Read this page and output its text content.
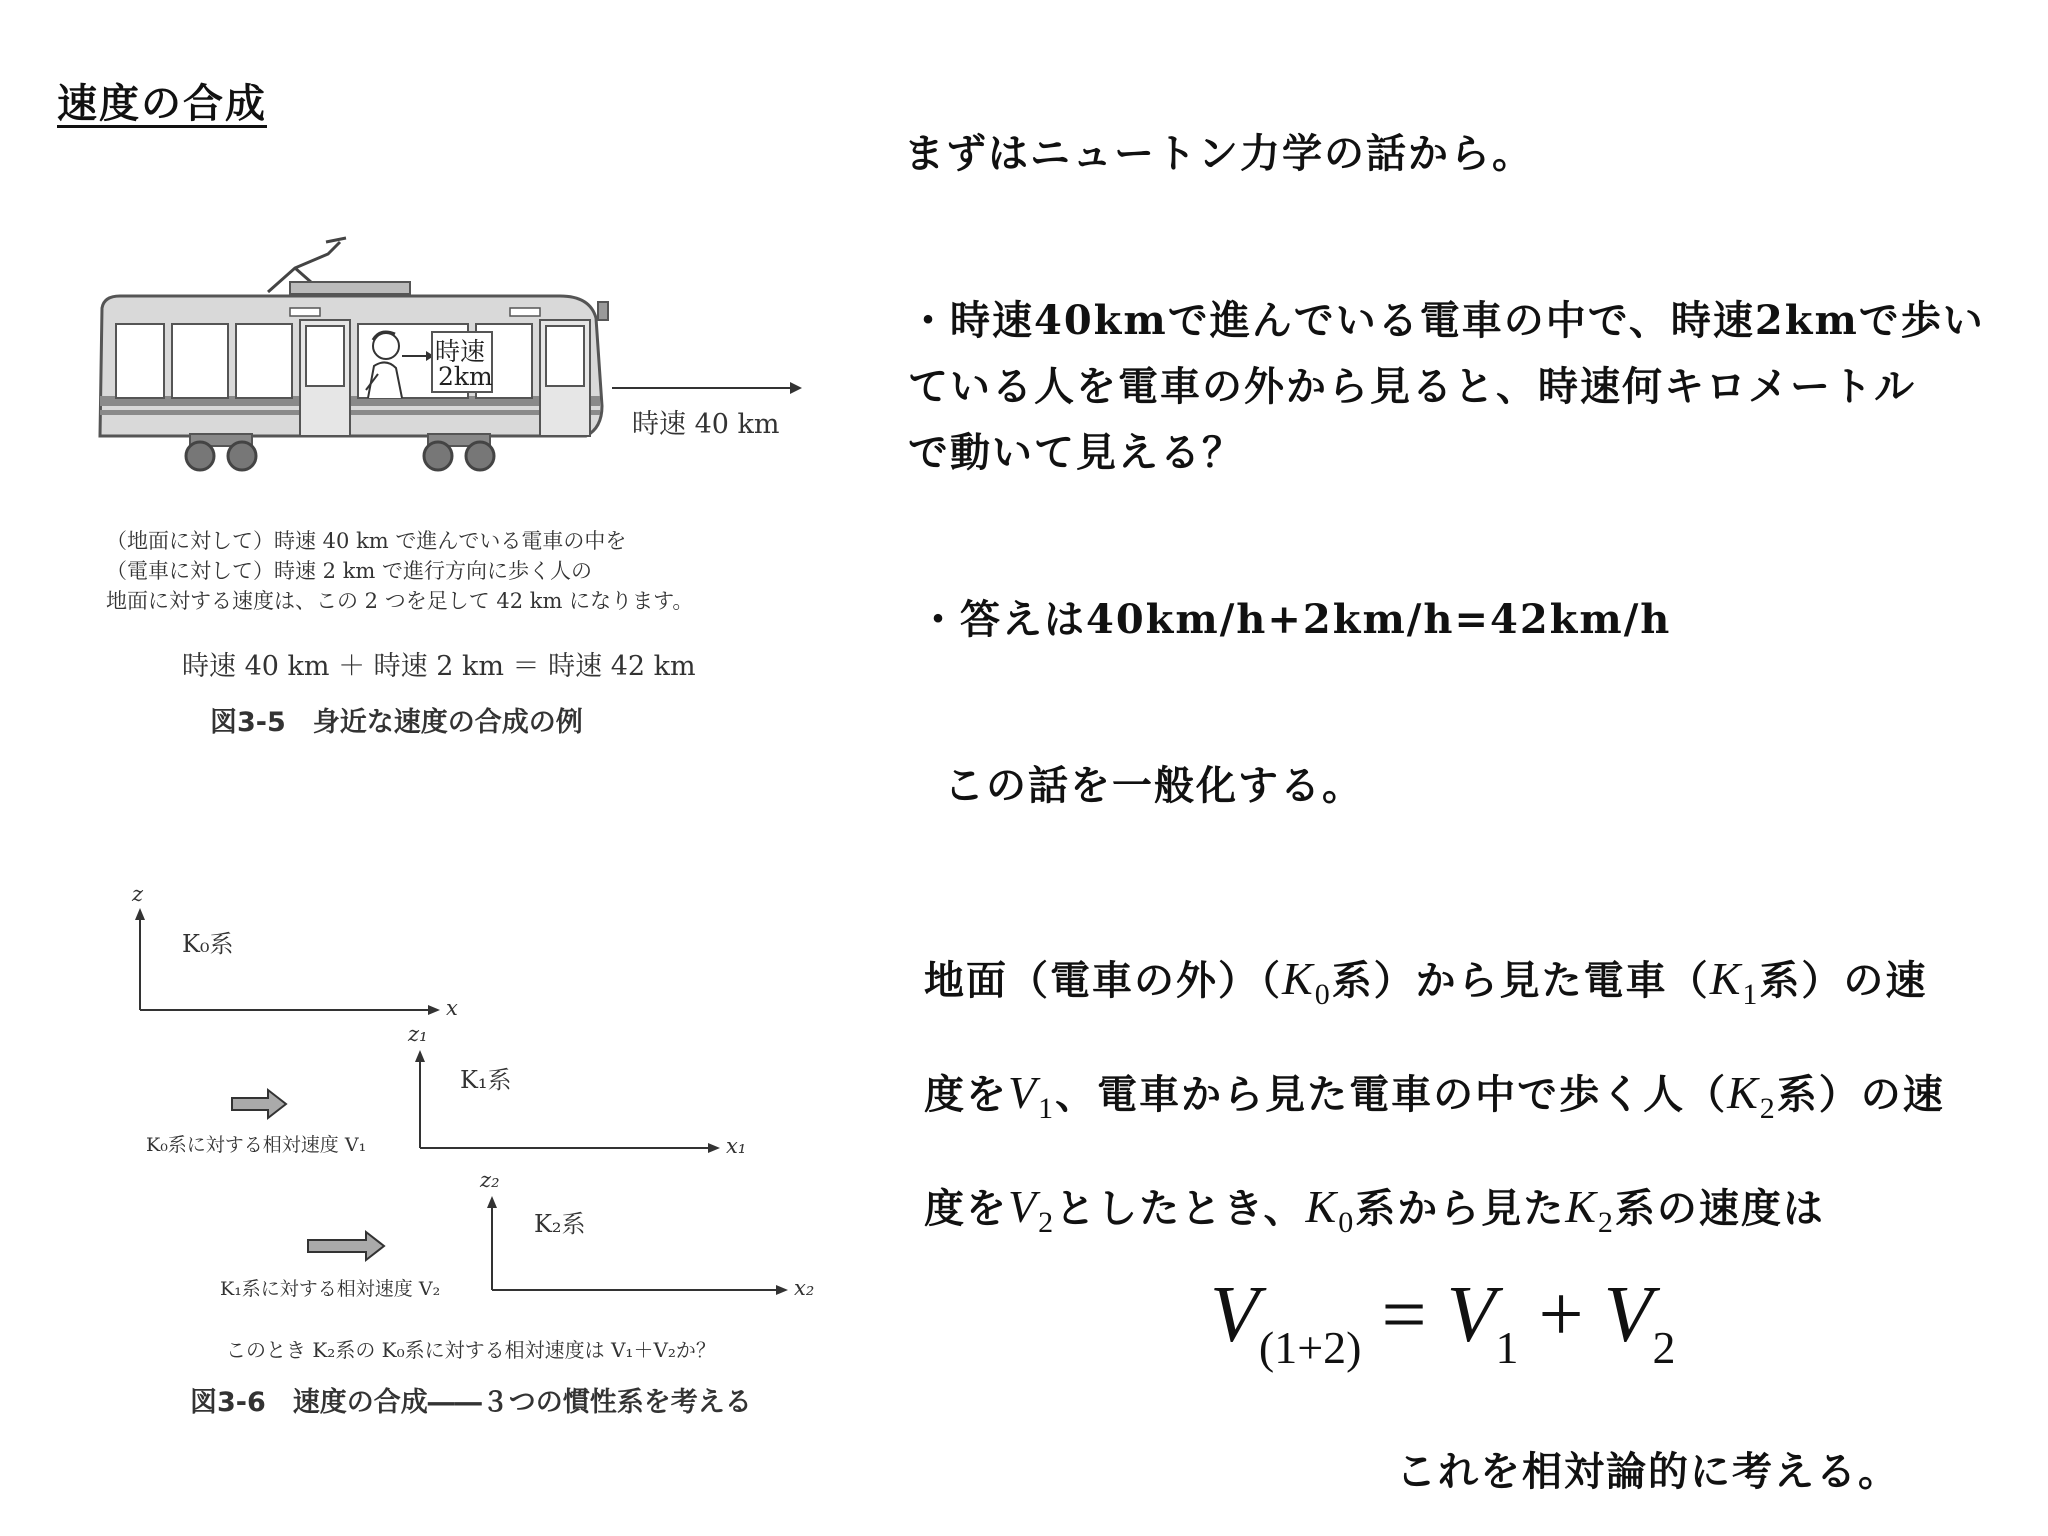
速度の合成
時速
2km
時速 40 km
（地面に対して）時速 40 km で進んでいる電車の中を
（電車に対して）時速 2 km で進行方向に歩く人の
地面に対する速度は、この 2 つを足して 42 km になります。
時速 40 km ＋ 時速 2 km ＝ 時速 42 km
図3-5　身近な速度の合成の例
z
x
K₀系
z₁
x₁
K₁系
K₀系に対する相対速度 V₁
z₂
x₂
K₂系
K₁系に対する相対速度 V₂
このとき K₂系の K₀系に対する相対速度は V₁＋V₂か？
図3-6　速度の合成――３つの慣性系を考える
まずはニュートン力学の話から。
・時速40kmで進んでいる電車の中で、時速2kmで歩い
ている人を電車の外から見ると、時速何キロメートル
で動いて見える？
・答えは40km/h+2km/h=42km/h
この話を一般化する。
地面（電車の外）（$K_0$系）から見た電車（$K_1$系）の速
度を$V_1$、電車から見た電車の中で歩く人（$K_2$系）の速
度を$V_2$としたとき、$K_0$系から見た$K_2$系の速度は
$V_{(1+2)} = V_1 + V_2$
これを相対論的に考える。
